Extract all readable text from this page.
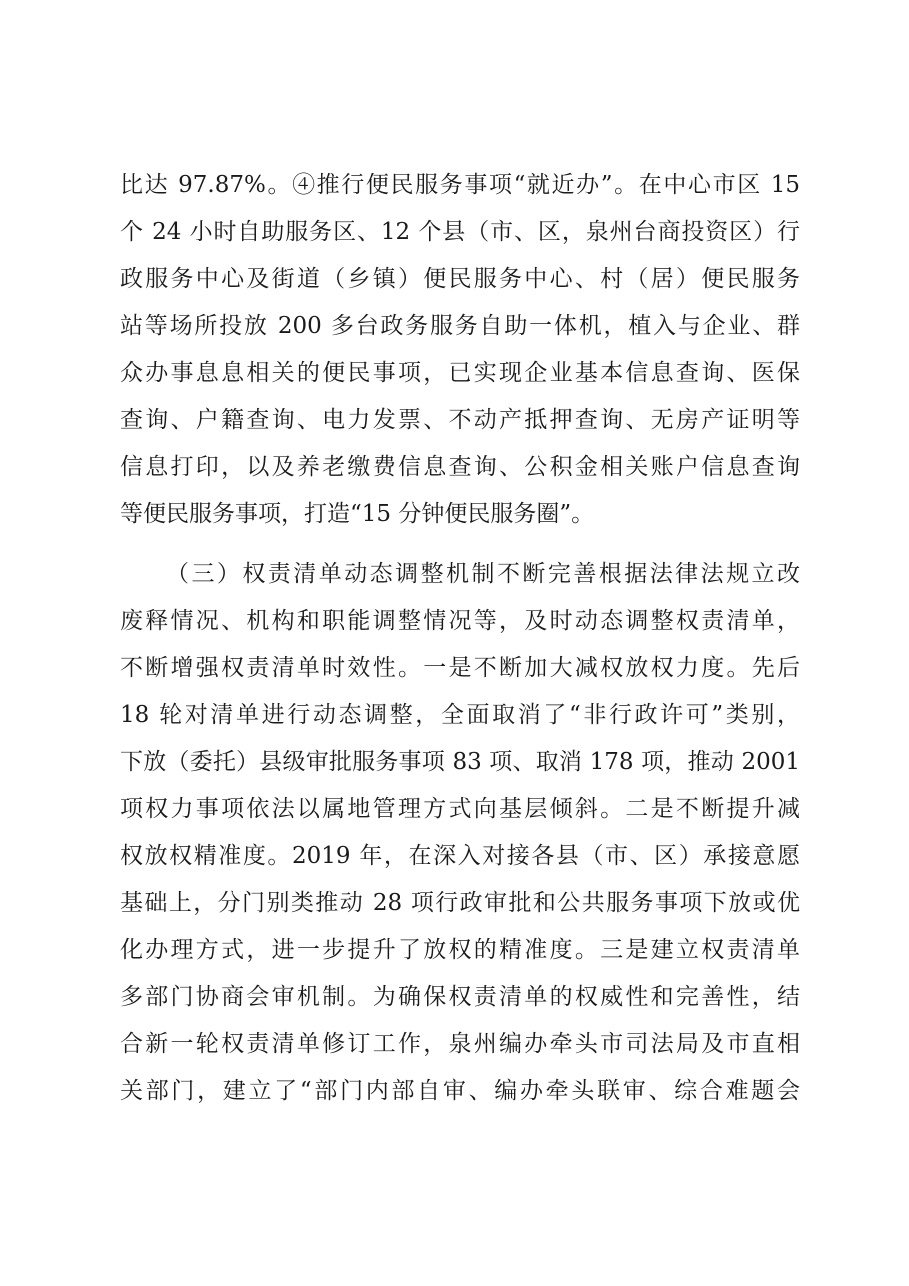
比达 97.87%。④推行便民服务事项“就近办”。在中心市区 15
个 24 小时自助服务区、12 个县（市、区，泉州台商投资区）行
政服务中心及街道（乡镇）便民服务中心、村（居）便民服务
站等场所投放 200 多台政务服务自助一体机，植入与企业、群
众办事息息相关的便民事项，已实现企业基本信息查询、医保
查询、户籍查询、电力发票、不动产抵押查询、无房产证明等
信息打印，以及养老缴费信息查询、公积金相关账户信息查询
等便民服务事项，打造“15 分钟便民服务圈”。
（三）权责清单动态调整机制不断完善根据法律法规立改
废释情况、机构和职能调整情况等，及时动态调整权责清单，
不断增强权责清单时效性。一是不断加大减权放权力度。先后
18 轮对清单进行动态调整，全面取消了“非行政许可”类别，
下放（委托）县级审批服务事项 83 项、取消 178 项，推动 2001
项权力事项依法以属地管理方式向基层倾斜。二是不断提升减
权放权精准度。2019 年，在深入对接各县（市、区）承接意愿
基础上，分门别类推动 28 项行政审批和公共服务事项下放或优
化办理方式，进一步提升了放权的精准度。三是建立权责清单
多部门协商会审机制。为确保权责清单的权威性和完善性，结
合新一轮权责清单修订工作，泉州编办牵头市司法局及市直相
关部门，建立了“部门内部自审、编办牵头联审、综合难题会
